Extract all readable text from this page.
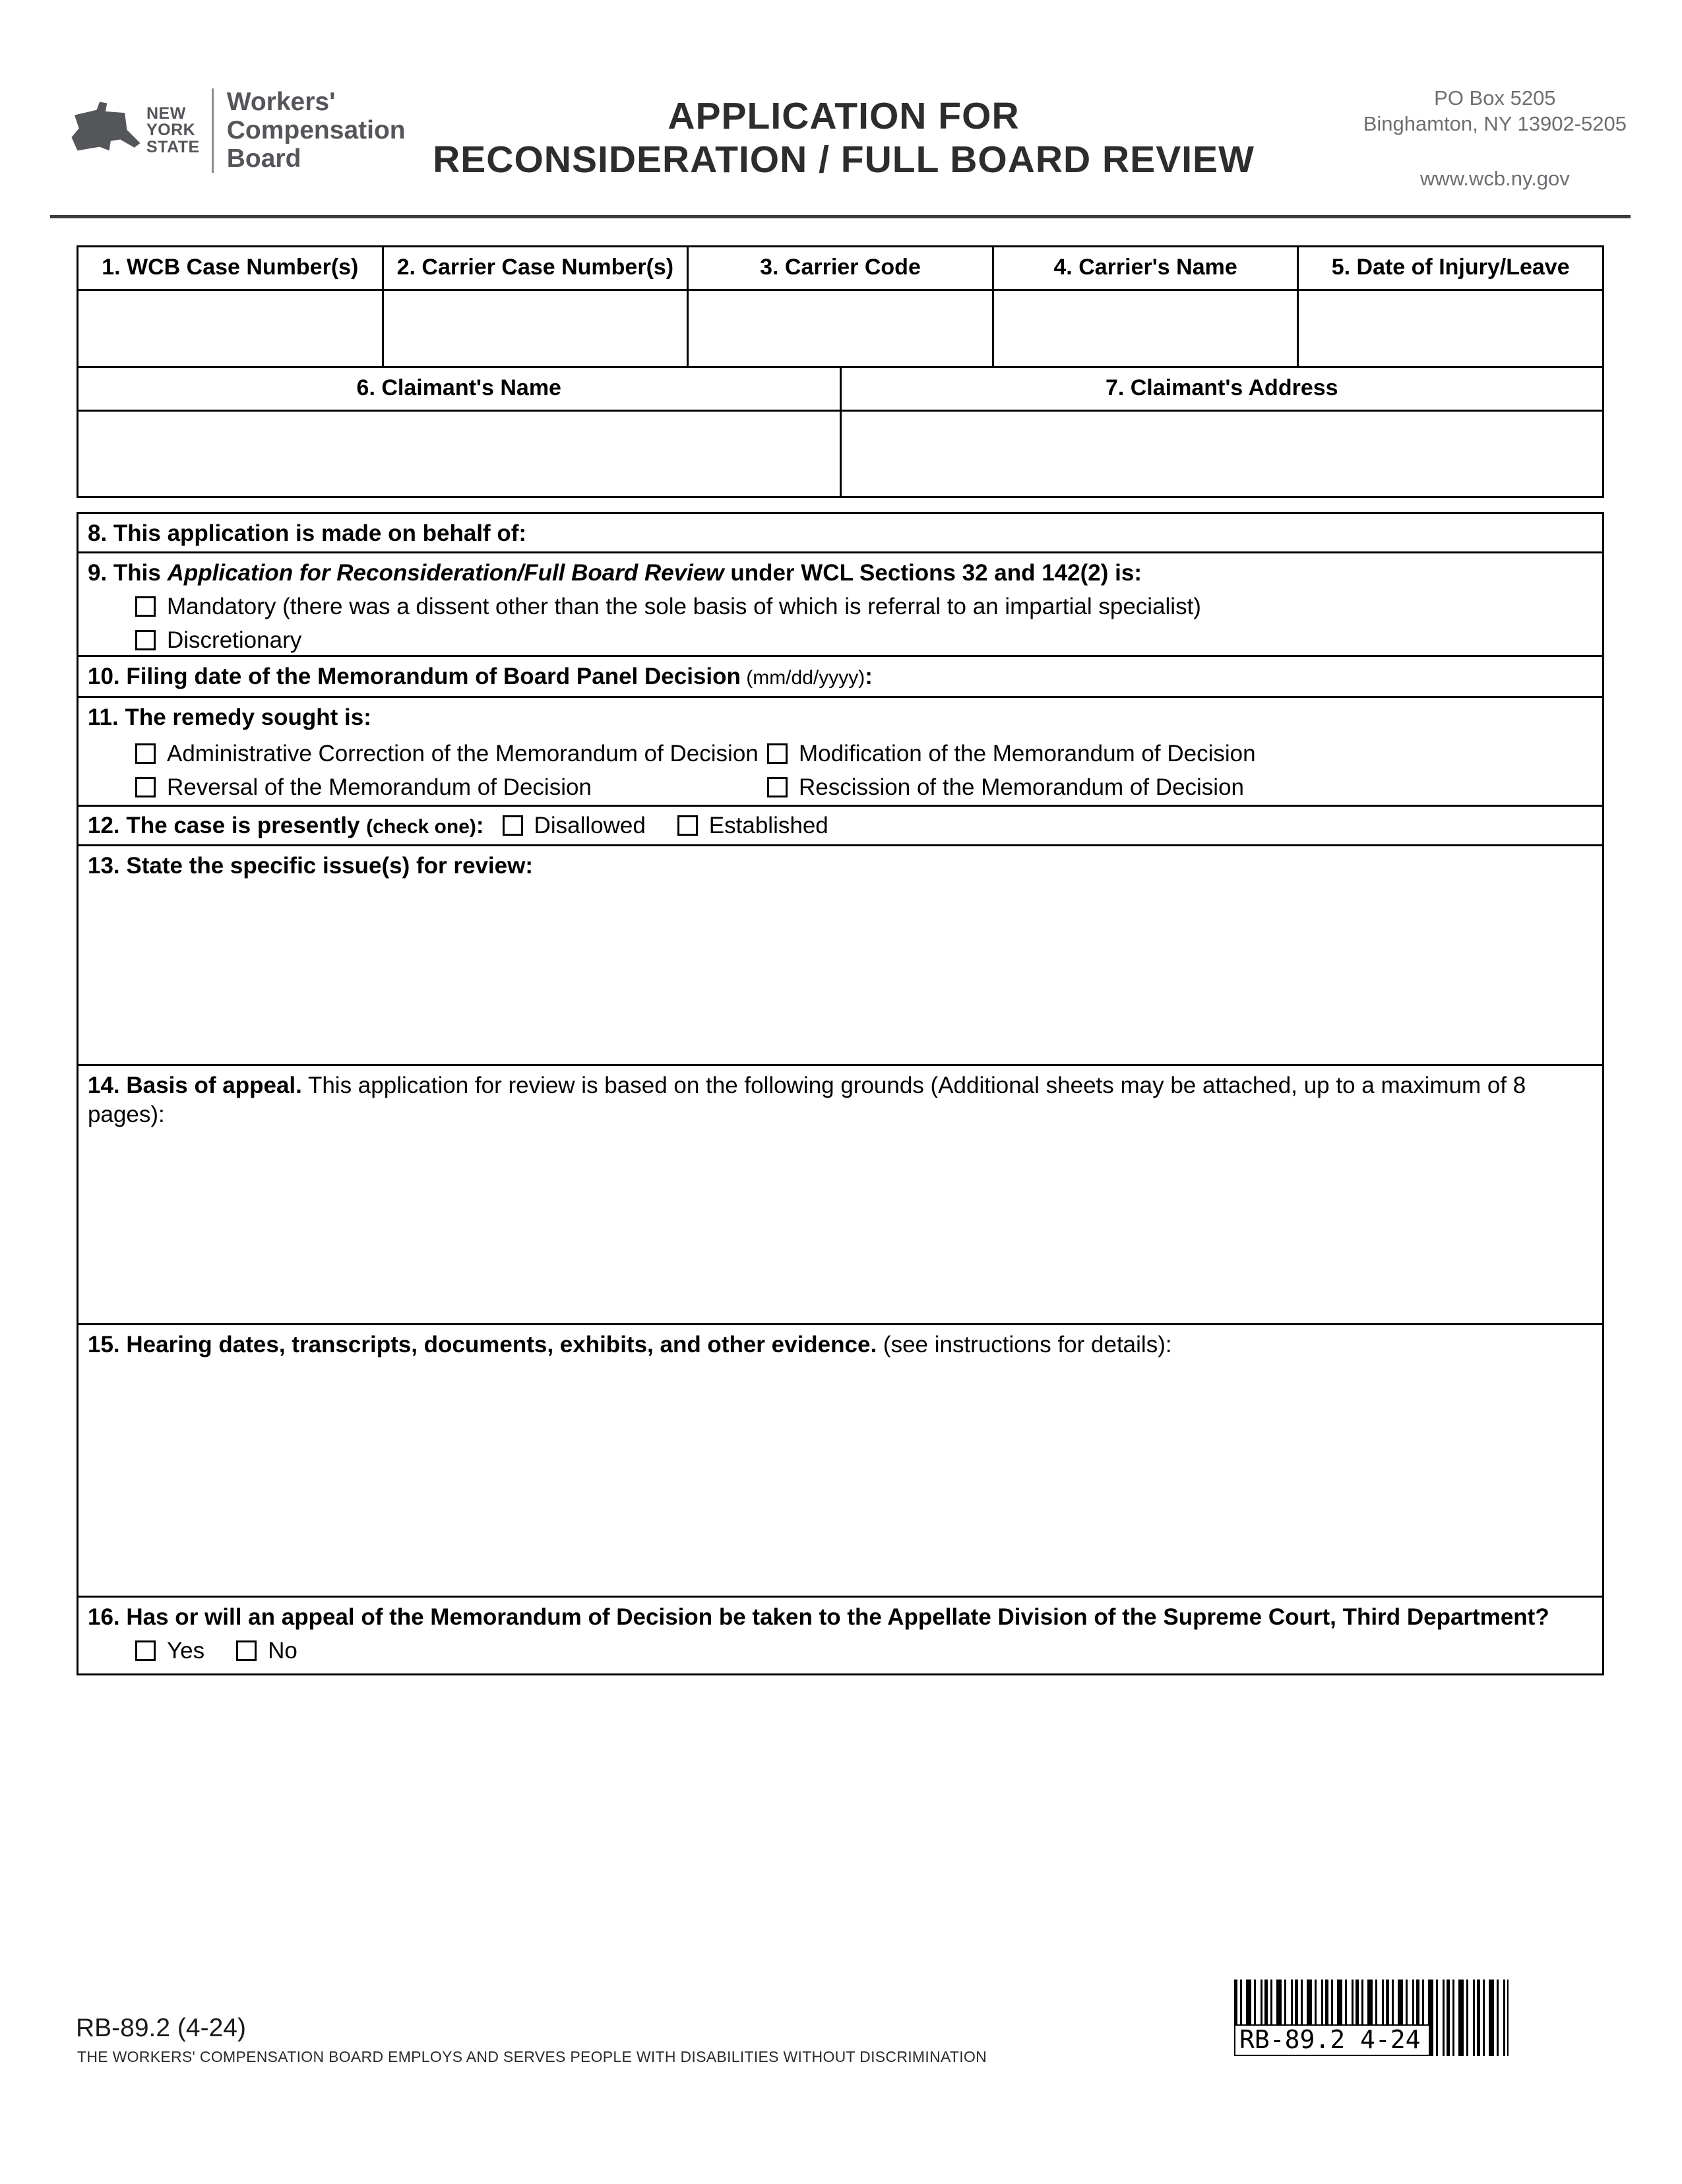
NEW
YORK
STATE
Workers'
Compensation
Board
APPLICATION FOR
RECONSIDERATION / FULL BOARD REVIEW
PO Box 5205
Binghamton, NY 13902-5205
www.wcb.ny.gov
1. WCB Case Number(s)	2. Carrier Case Number(s)	3. Carrier Code	4. Carrier's Name	5. Date of Injury/Leave
6. Claimant's Name	7. Claimant's Address
8. This application is made on behalf of:
9. This Application for Reconsideration/Full Board Review under WCL Sections 32 and 142(2) is:
Mandatory (there was a dissent other than the sole basis of which is referral to an impartial specialist)
Discretionary
10. Filing date of the Memorandum of Board Panel Decision (mm/dd/yyyy):
11. The remedy sought is:
Administrative Correction of the Memorandum of Decision
Reversal of the Memorandum of Decision
Modification of the Memorandum of Decision
Rescission of the Memorandum of Decision
12. The case is presently (check one): Disallowed	Established
13. State the specific issue(s) for review:
14. Basis of appeal. This application for review is based on the following grounds (Additional sheets may be attached, up to a maximum of 8 pages):
15. Hearing dates, transcripts, documents, exhibits, and other evidence. (see instructions for details):
16. Has or will an appeal of the Memorandum of Decision be taken to the Appellate Division of the Supreme Court, Third Department?
Yes	No
RB-89.2 (4-24)
THE WORKERS' COMPENSATION BOARD EMPLOYS AND SERVES PEOPLE WITH DISABILITIES WITHOUT DISCRIMINATION
RB-89.2 4-24
